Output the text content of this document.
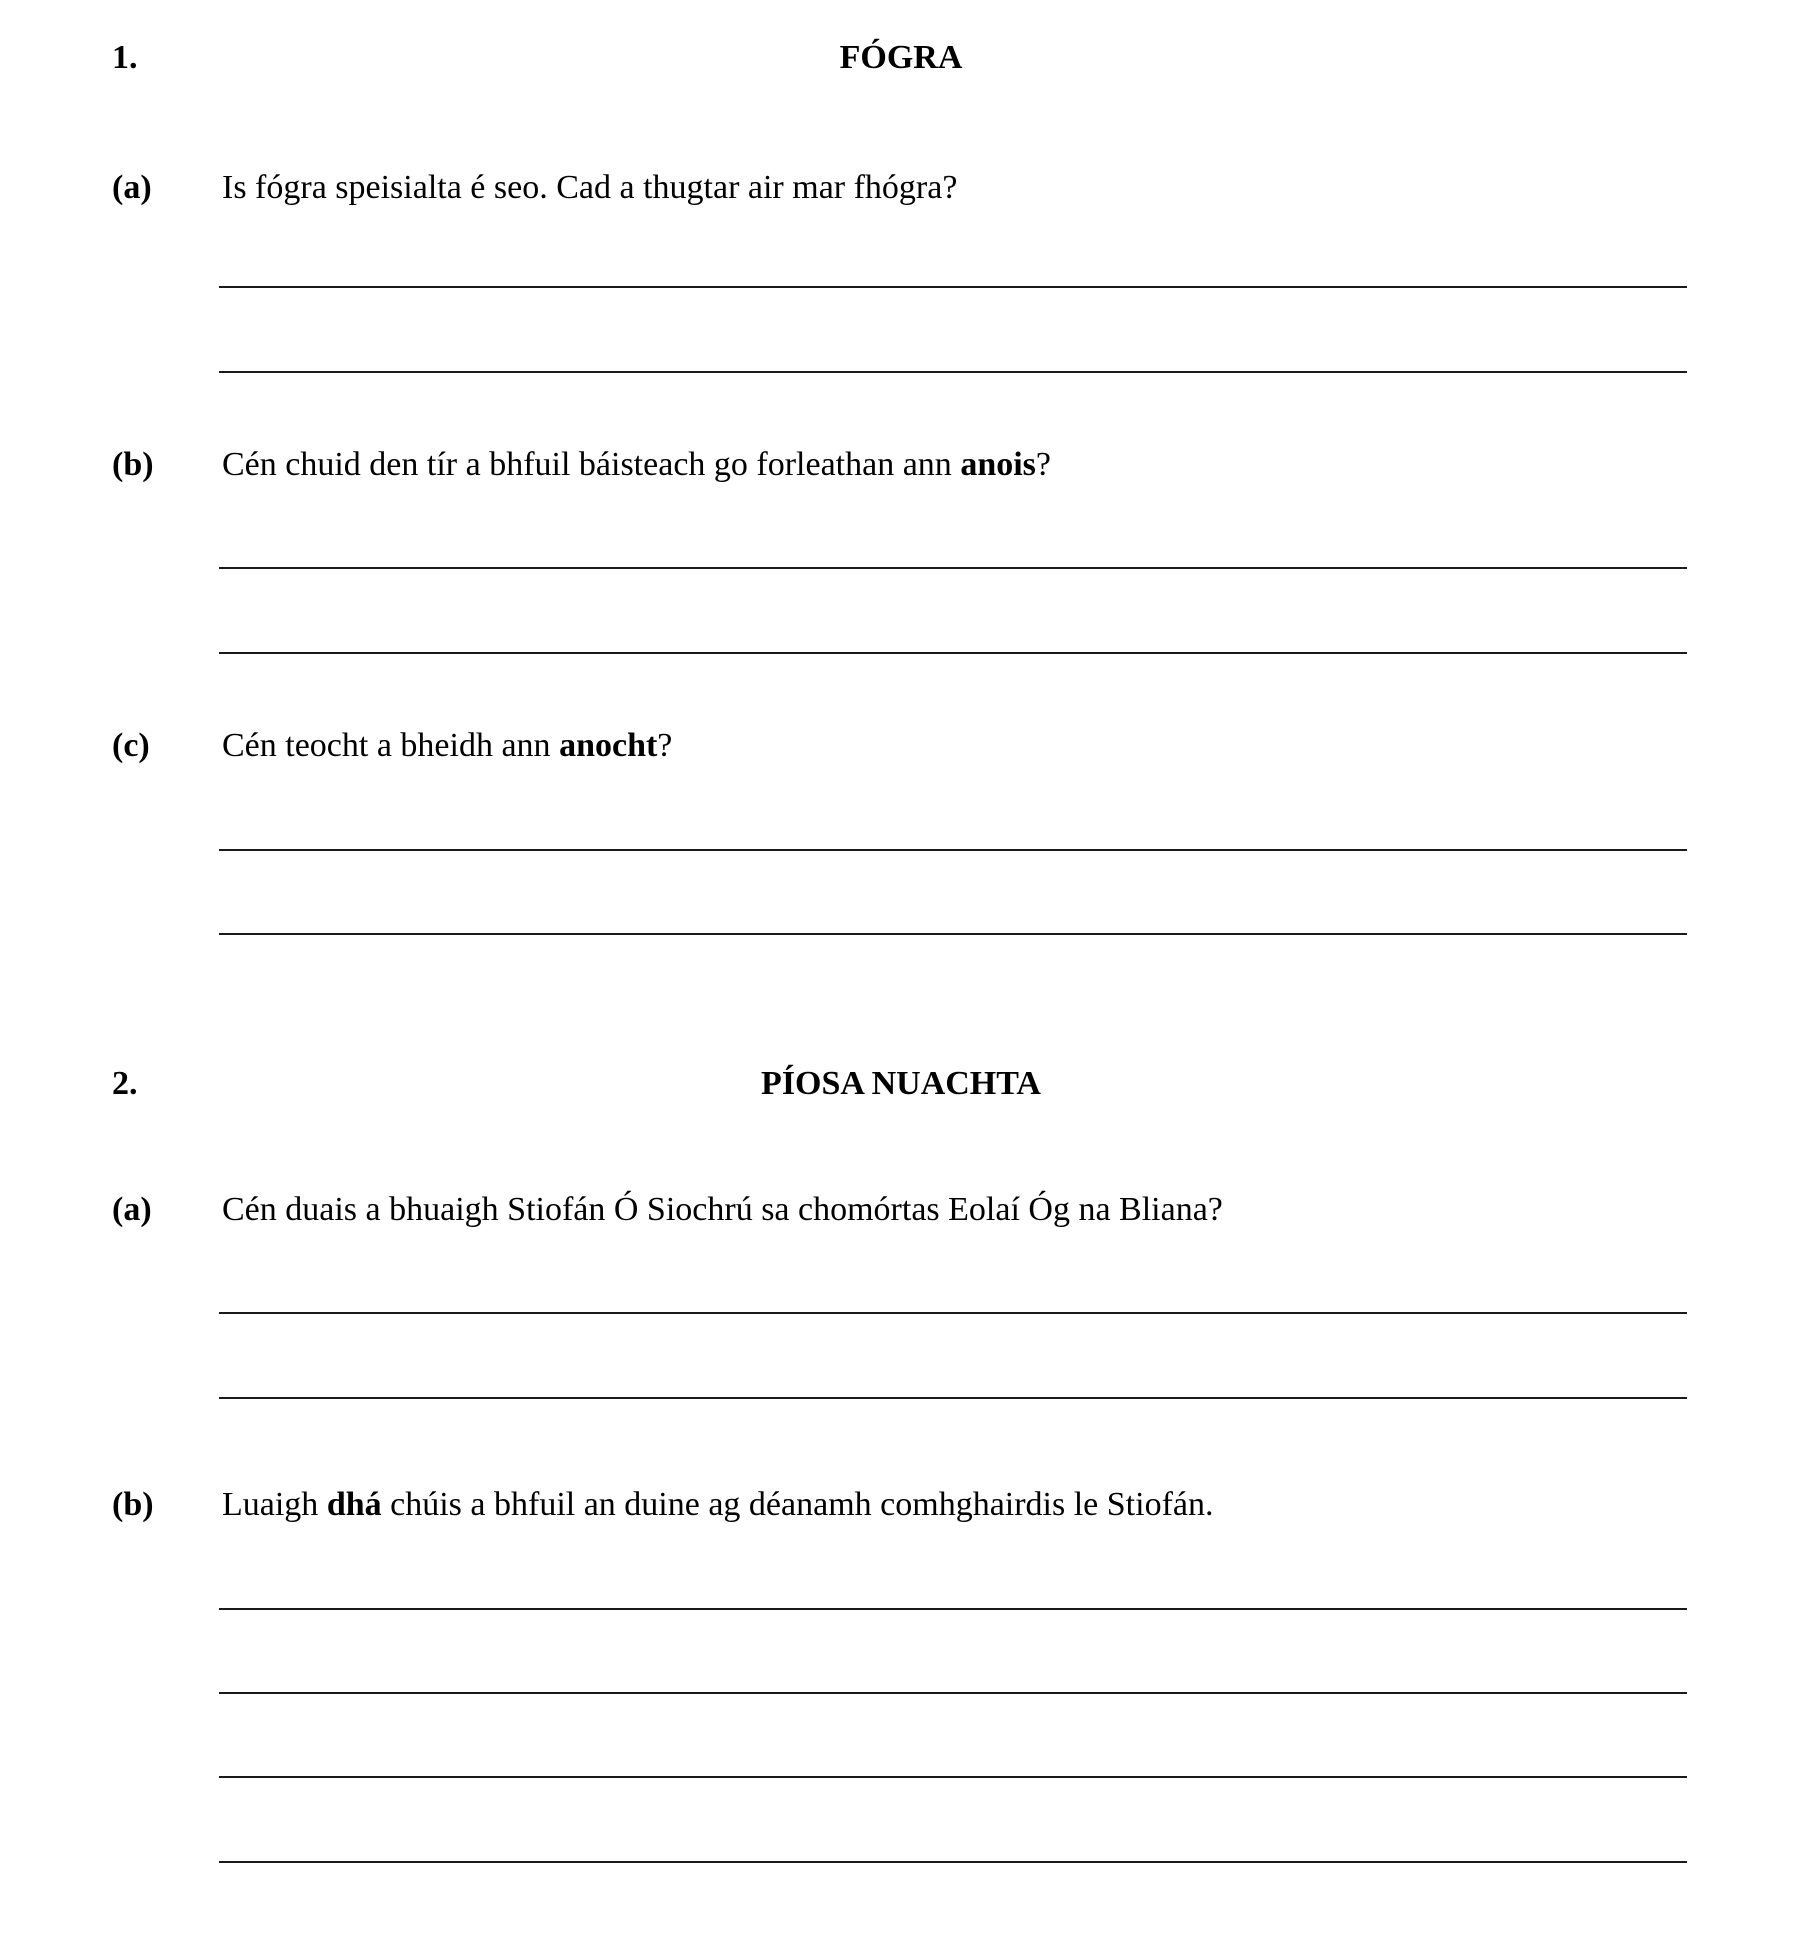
1.	FÓGRA
(a) Is fógra speisialta é seo. Cad a thugtar air mar fhógra?
(b) Cén chuid den tír a bhfuil báisteach go forleathan ann anois?
(c) Cén teocht a bheidh ann anocht?
2.	PÍOSA NUACHTA
(a) Cén duais a bhuaigh Stiofán Ó Siochrú sa chomórtas Eolaí Óg na Bliana?
(b) Luaigh dhá chúis a bhfuil an duine ag déanamh comhghairdis le Stiofán.
